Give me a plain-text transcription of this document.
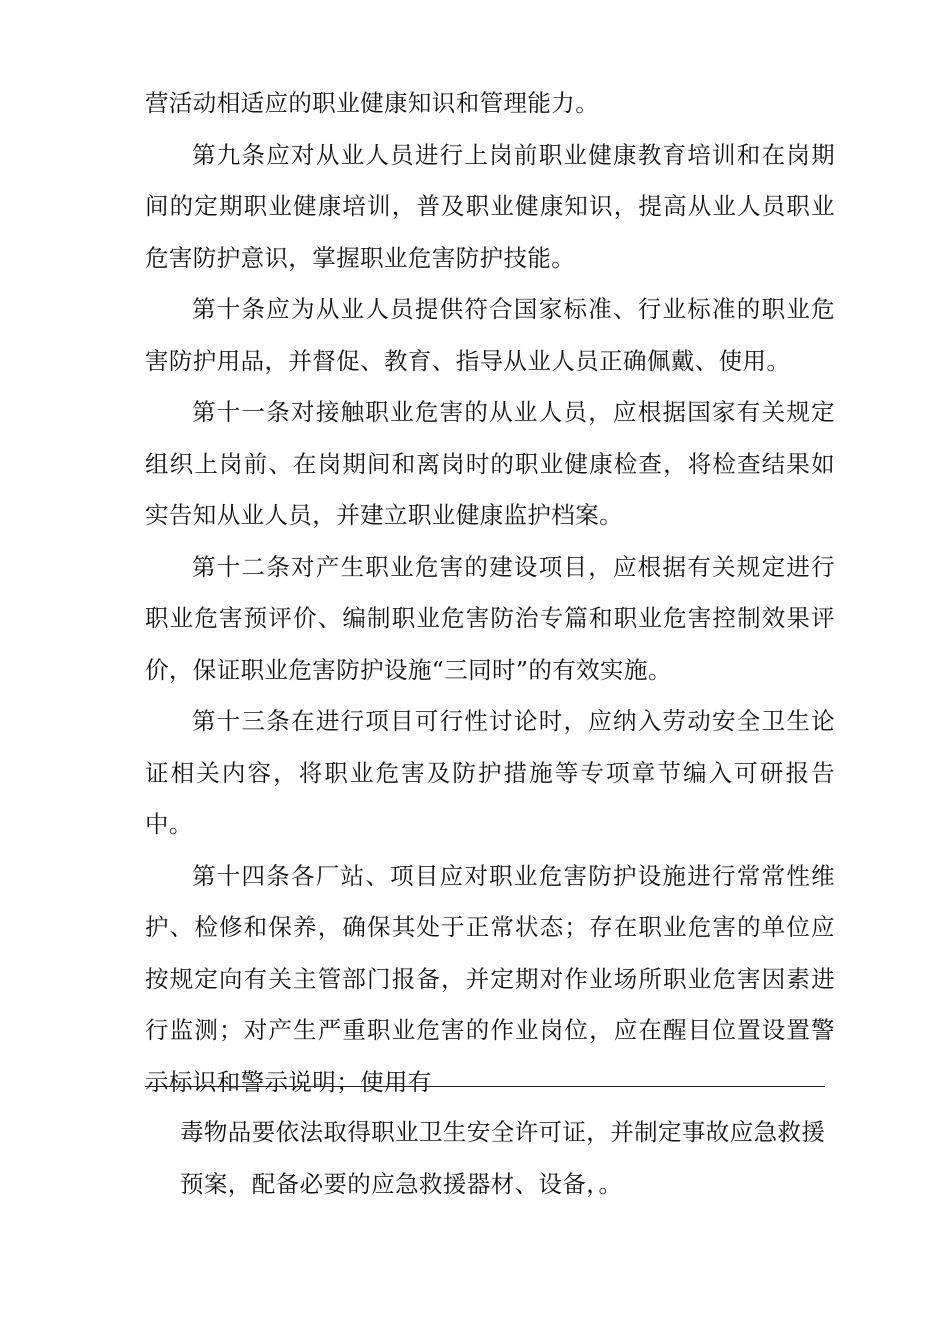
营活动相适应的职业健康知识和管理能力。

第九条应对从业人员进行上岗前职业健康教育培训和在岗期间的定期职业健康培训，普及职业健康知识，提高从业人员职业危害防护意识，掌握职业危害防护技能。

第十条应为从业人员提供符合国家标准、行业标准的职业危害防护用品，并督促、教育、指导从业人员正确佩戴、使用。

第十一条对接触职业危害的从业人员，应根据国家有关规定组织上岗前、在岗期间和离岗时的职业健康检查，将检查结果如实告知从业人员，并建立职业健康监护档案。

第十二条对产生职业危害的建设项目，应根据有关规定进行职业危害预评价、编制职业危害防治专篇和职业危害控制效果评价，保证职业危害防护设施“三同时”的有效实施。

第十三条在进行项目可行性讨论时，应纳入劳动安全卫生论证相关内容，将职业危害及防护措施等专项章节编入可研报告中。

第十四条各厂站、项目应对职业危害防护设施进行常常性维护、检修和保养，确保其处于正常状态；存在职业危害的单位应按规定向有关主管部门报备，并定期对作业场所职业危害因素进行监测；对产生严重职业危害的作业岗位，应在醒目位置设置警示标识和警示说明；使用有

毒物品要依法取得职业卫生安全许可证，并制定事故应急救援

预案，配备必要的应急救援器材、设备，。
